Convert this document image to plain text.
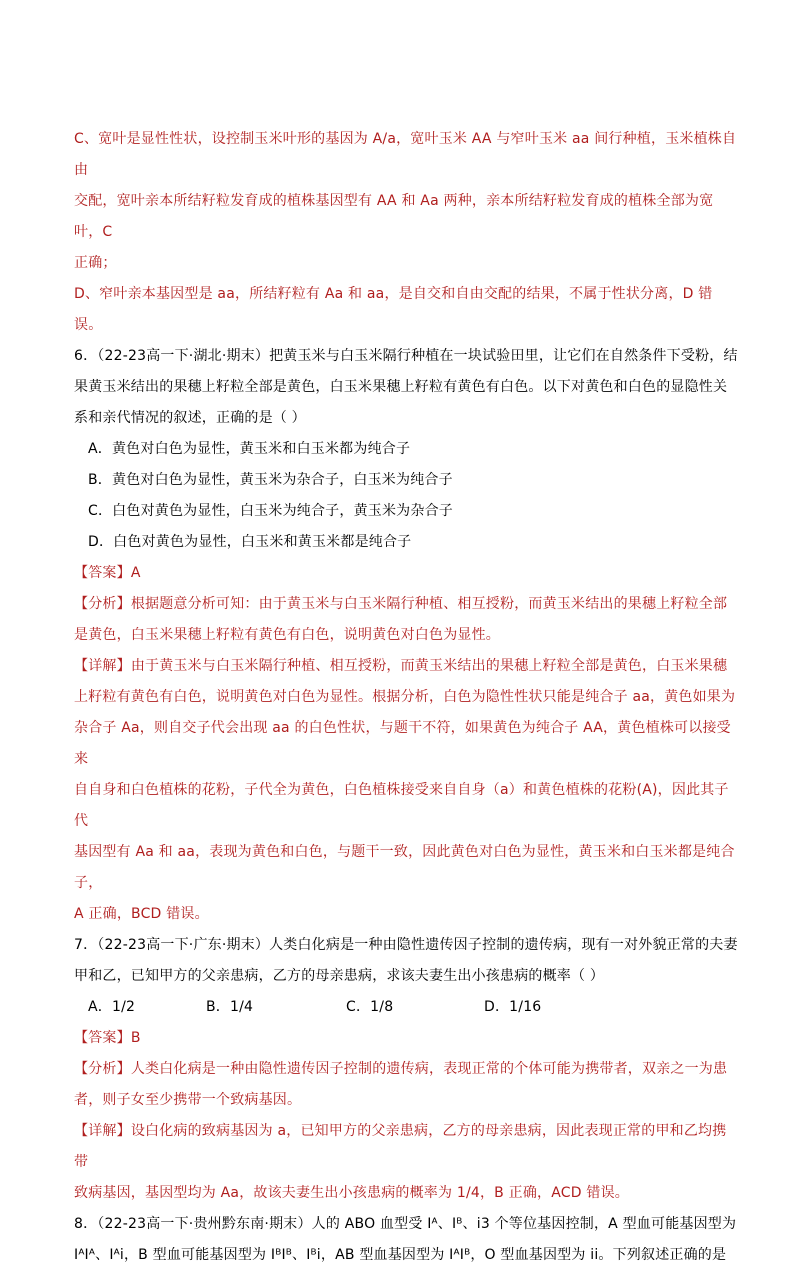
C、宽叶是显性性状，设控制玉米叶形的基因为 A/a，宽叶玉米 AA 与窄叶玉米 aa 间行种植，玉米植株自由

交配，宽叶亲本所结籽粒发育成的植株基因型有 AA 和 Aa 两种，亲本所结籽粒发育成的植株全部为宽叶，C

正确；

D、窄叶亲本基因型是 aa，所结籽粒有 Aa 和 aa，是自交和自由交配的结果，不属于性状分离，D 错误。

6．（22-23高一下·湖北·期末）把黄玉米与白玉米隔行种植在一块试验田里，让它们在自然条件下受粉，结

果黄玉米结出的果穗上籽粒全部是黄色，白玉米果穗上籽粒有黄色有白色。以下对黄色和白色的显隐性关

系和亲代情况的叙述，正确的是（ ）

A．黄色对白色为显性，黄玉米和白玉米都为纯合子

B．黄色对白色为显性，黄玉米为杂合子，白玉米为纯合子

C．白色对黄色为显性，白玉米为纯合子，黄玉米为杂合子

D．白色对黄色为显性，白玉米和黄玉米都是纯合子

【答案】A

【分析】根据题意分析可知：由于黄玉米与白玉米隔行种植、相互授粉，而黄玉米结出的果穗上籽粒全部

是黄色，白玉米果穗上籽粒有黄色有白色，说明黄色对白色为显性。

【详解】由于黄玉米与白玉米隔行种植、相互授粉，而黄玉米结出的果穗上籽粒全部是黄色，白玉米果穗

上籽粒有黄色有白色，说明黄色对白色为显性。根据分析，白色为隐性性状只能是纯合子 aa，黄色如果为

杂合子 Aa，则自交子代会出现 aa 的白色性状，与题干不符，如果黄色为纯合子 AA，黄色植株可以接受来

自自身和白色植株的花粉，子代全为黄色，白色植株接受来自自身（a）和黄色植株的花粉(A)，因此其子代

基因型有 Aa 和 aa，表现为黄色和白色，与题干一致，因此黄色对白色为显性，黄玉米和白玉米都是纯合子，

A 正确，BCD 错误。

7．（22-23高一下·广东·期末）人类白化病是一种由隐性遗传因子控制的遗传病，现有一对外貌正常的夫妻

甲和乙，已知甲方的父亲患病，乙方的母亲患病，求该夫妻生出小孩患病的概率（ ）

A．1/2	B．1/4	C．1/8	D．1/16

【答案】B

【分析】人类白化病是一种由隐性遗传因子控制的遗传病，表现正常的个体可能为携带者，双亲之一为患

者，则子女至少携带一个致病基因。

【详解】设白化病的致病基因为 a，已知甲方的父亲患病，乙方的母亲患病，因此表现正常的甲和乙均携带

致病基因，基因型均为 Aa，故该夫妻生出小孩患病的概率为 1/4，B 正确，ACD 错误。

8．（22-23高一下·贵州黔东南·期末）人的 ABO 血型受 Iᴬ、Iᴮ、i3 个等位基因控制，A 型血可能基因型为

IᴬIᴬ、Iᴬi，B 型血可能基因型为 IᴮIᴮ、Iᴮi，AB 型血基因型为 IᴬIᴮ，O 型血基因型为 ii。下列叙述正确的是
